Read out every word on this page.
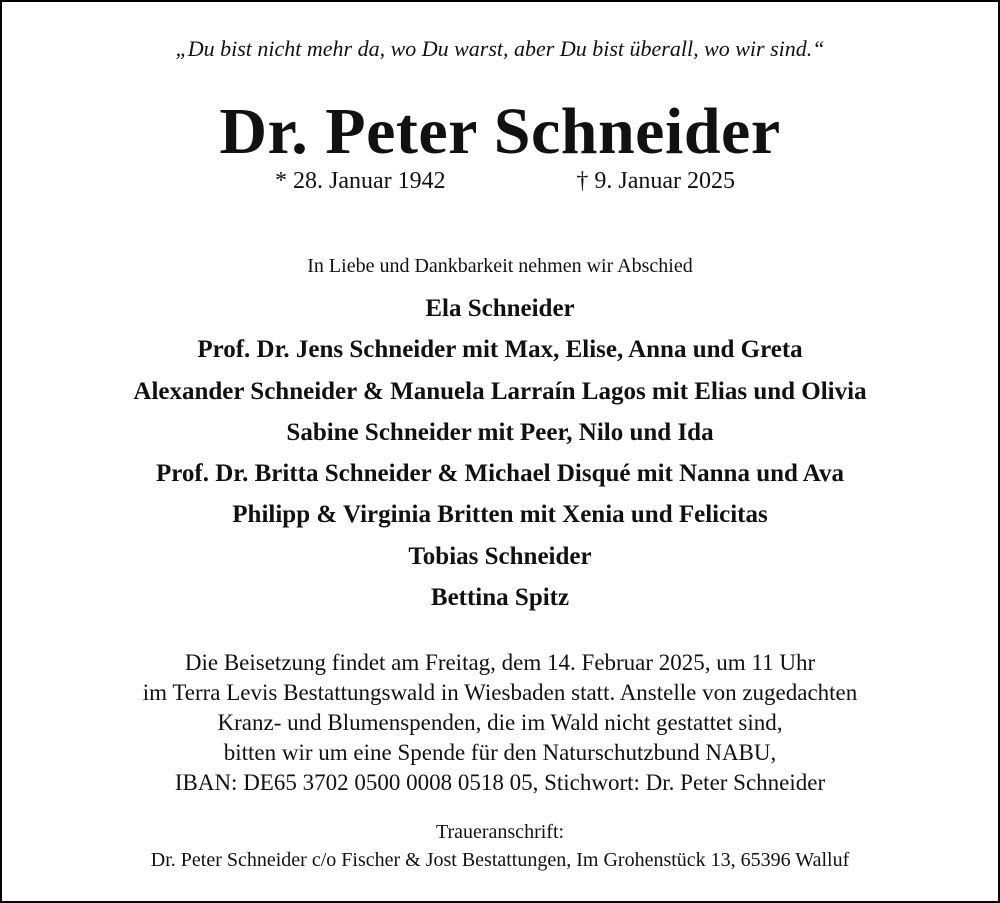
„Du bist nicht mehr da, wo Du warst, aber Du bist überall, wo wir sind.“
Dr. Peter Schneider
* 28. Januar 1942	† 9. Januar 2025
In Liebe und Dankbarkeit nehmen wir Abschied
Ela Schneider
Prof. Dr. Jens Schneider mit Max, Elise, Anna und Greta
Alexander Schneider & Manuela Larraín Lagos mit Elias und Olivia
Sabine Schneider mit Peer, Nilo und Ida
Prof. Dr. Britta Schneider & Michael Disqué mit Nanna und Ava
Philipp & Virginia Britten mit Xenia und Felicitas
Tobias Schneider
Bettina Spitz
Die Beisetzung findet am Freitag, dem 14. Februar 2025, um 11 Uhr
im Terra Levis Bestattungswald in Wiesbaden statt. Anstelle von zugedachten
Kranz- und Blumenspenden, die im Wald nicht gestattet sind,
bitten wir um eine Spende für den Naturschutzbund NABU,
IBAN: DE65 3702 0500 0008 0518 05, Stichwort: Dr. Peter Schneider
Traueranschrift:
Dr. Peter Schneider c/o Fischer & Jost Bestattungen, Im Grohenstück 13, 65396 Walluf
